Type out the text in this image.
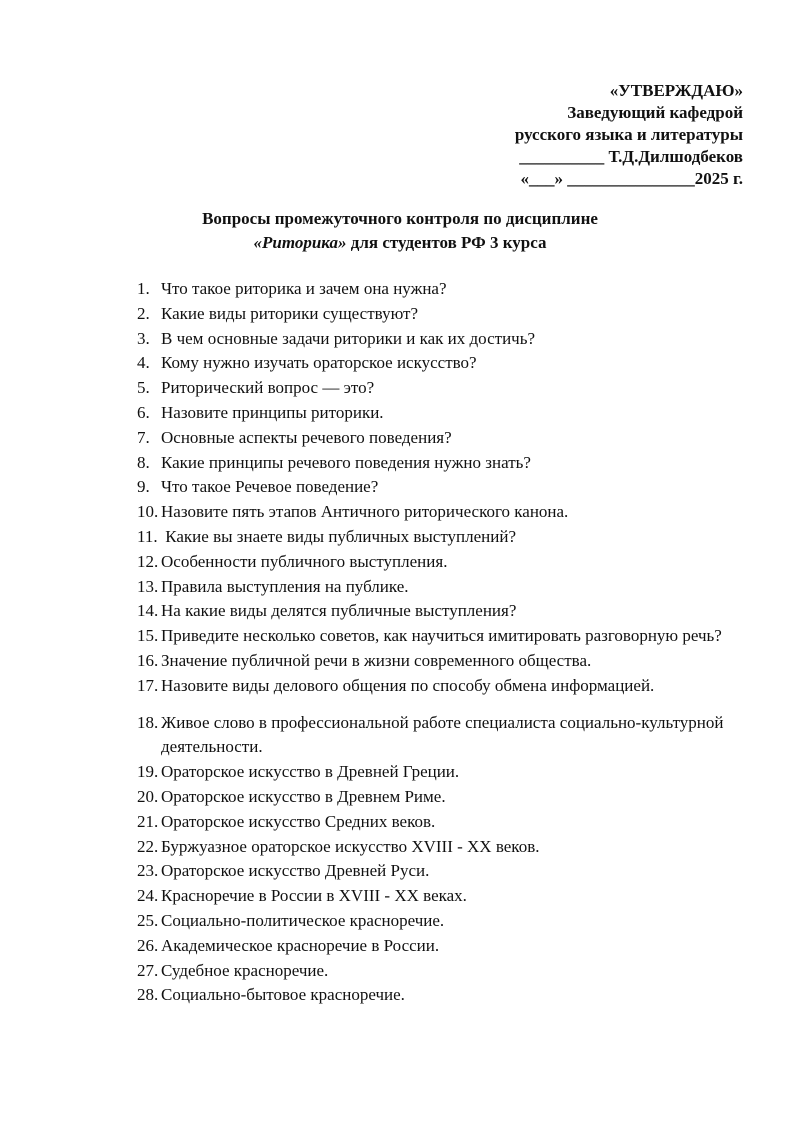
«УТВЕРЖДАЮ»
Заведующий кафедрой
русского языка и литературы
__________ Т.Д.Дилшодбеков
«___» _______________2025 г.
Вопросы промежуточного контроля по дисциплине
«Риторика» для студентов РФ 3 курса
1. Что такое риторика и зачем она нужна?
2. Какие виды риторики существуют?
3. В чем основные задачи риторики и как их достичь?
4. Кому нужно изучать ораторское искусство?
5. Риторический вопрос — это?
6. Назовите принципы риторики.
7. Основные аспекты речевого поведения?
8. Какие принципы речевого поведения нужно знать?
9. Что такое Речевое поведение?
10. Назовите пять этапов Античного риторического канона.
11. Какие вы знаете виды публичных выступлений?
12. Особенности публичного выступления.
13. Правила выступления на публике.
14. На какие виды делятся публичные выступления?
15. Приведите несколько советов, как научиться имитировать разговорную речь?
16. Значение публичной речи в жизни современного общества.
17. Назовите виды делового общения по способу обмена информацией.
18. Живое слово в профессиональной работе специалиста социально-культурной деятельности.
19. Ораторское искусство в Древней Греции.
20. Ораторское искусство в Древнем Риме.
21. Ораторское искусство Средних веков.
22. Буржуазное ораторское искусство XVIII - XX веков.
23. Ораторское искусство Древней Руси.
24. Красноречие в России в XVIII - XX веках.
25. Социально-политическое красноречие.
26. Академическое красноречие в России.
27. Судебное красноречие.
28. Социально-бытовое красноречие.
